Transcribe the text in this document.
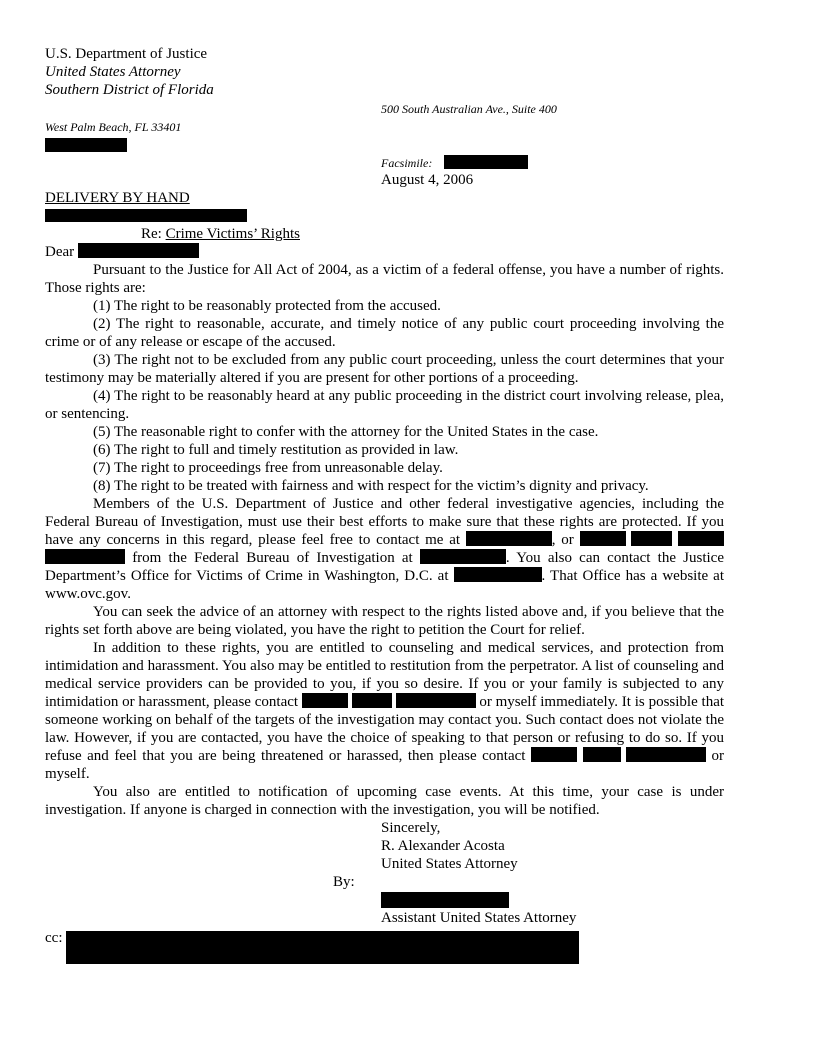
U.S. Department of Justice
United States Attorney
Southern District of Florida
500 South Australian Ave., Suite 400
West Palm Beach, FL 33401
Facsimile:
August 4, 2006
DELIVERY BY HAND
Re: Crime Victims’ Rights
Dear

Pursuant to the Justice for All Act of 2004, as a victim of a federal offense, you have a number of rights. Those rights are:

(1) The right to be reasonably protected from the accused.

(2) The right to reasonable, accurate, and timely notice of any public court proceeding involving the crime or of any release or escape of the accused.

(3) The right not to be excluded from any public court proceeding, unless the court determines that your testimony may be materially altered if you are present for other portions of a proceeding.

(4) The right to be reasonably heard at any public proceeding in the district court involving release, plea, or sentencing.

(5) The reasonable right to confer with the attorney for the United States in the case.

(6) The right to full and timely restitution as provided in law.

(7) The right to proceedings free from unreasonable delay.

(8) The right to be treated with fairness and with respect for the victim’s dignity and privacy.

Members of the U.S. Department of Justice and other federal investigative agencies, including the Federal Bureau of Investigation, must use their best efforts to make sure that these rights are protected. If you have any concerns in this regard, please feel free to contact me at	, or     from the Federal Bureau of Investigation at	. You also can contact the Justice Department’s Office for Victims of Crime in Washington, D.C. at	. That Office has a website at www.ovc.gov.

You can seek the advice of an attorney with respect to the rights listed above and, if you believe that the rights set forth above are being violated, you have the right to petition the Court for relief.

In addition to these rights, you are entitled to counseling and medical services, and protection from intimidation and harassment. You also may be entitled to restitution from the perpetrator. A list of counseling and medical service providers can be provided to you, if you so desire. If you or your family is subjected to any intimidation or harassment, please contact	or myself immediately. It is possible that someone working on behalf of the targets of the investigation may contact you. Such contact does not violate the law. However, if you are contacted, you have the choice of speaking to that person or refusing to do so. If you refuse and feel that you are being threatened or harassed, then please contact	or myself.

You also are entitled to notification of upcoming case events. At this time, your case is under investigation. If anyone is charged in connection with the investigation, you will be notified.

Sincerely,
R. Alexander Acosta
United States Attorney
By:
Assistant United States Attorney
cc:
